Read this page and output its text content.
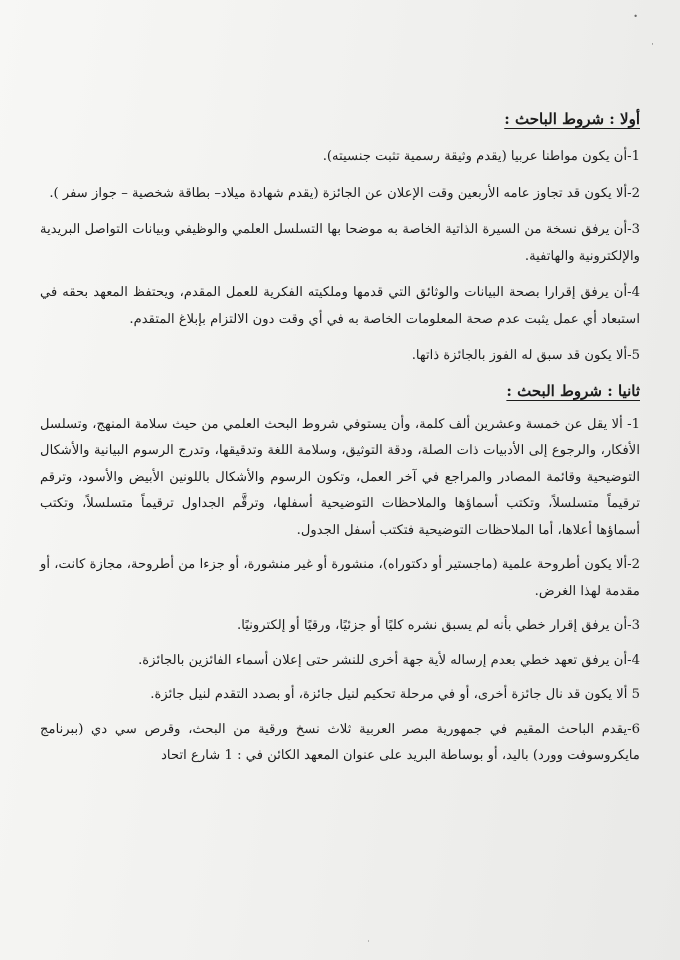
•
·
·
أولا : شروط الباحث :

1-أن يكون مواطنا عربيا (يقدم وثيقة رسمية تثبت جنسيته).

2-ألا يكون قد تجاوز عامه الأربعين وقت الإعلان عن الجائزة (يقدم شهادة ميلاد– بطاقة شخصية – جواز سفر ).

3-أن يرفق نسخة من السيرة الذاتية الخاصة به موضحا بها التسلسل العلمي والوظيفي وبيانات التواصل البريدية والإلكترونية والهاتفية.

4-أن يرفق إقرارا بصحة البيانات والوثائق التي قدمها وملكيته الفكرية للعمل المقدم، ويحتفظ المعهد بحقه في استبعاد أي عمل يثبت عدم صحة المعلومات الخاصة به في أي وقت دون الالتزام بإبلاغ المتقدم.

5-ألا يكون قد سبق له الفوز بالجائزة ذاتها.

ثانيا : شروط البحث :

1- ألا يقل عن خمسة وعشرين ألف كلمة، وأن يستوفي شروط البحث العلمي من حيث سلامة المنهج، وتسلسل الأفكار، والرجوع إلى الأدبيات ذات الصلة، ودقة التوثيق، وسلامة اللغة وتدقيقها، وتدرج الرسوم البيانية والأشكال التوضيحية وقائمة المصادر والمراجع في آخر العمل، وتكون الرسوم والأشكال باللونين الأبيض والأسود، وترقم ترقيماً متسلسلاً، وتكتب أسماؤها والملاحظات التوضيحية أسفلها، وترقَّم الجداول ترقيماً متسلسلاً، وتكتب أسماؤها أعلاها، أما الملاحظات التوضيحية فتكتب أسفل الجدول.

2-ألا يكون أطروحة علمية (ماجستير أو دكتوراه)، منشورة أو غير منشورة، أو جزءا من أطروحة، مجازة كانت، أو مقدمة لهذا الغرض.

3-أن يرفق إقرار خطي بأنه لم يسبق نشره كليًا أو جزئيًا، ورقيًا أو إلكترونيًا.

4-أن يرفق تعهد خطي بعدم إرساله لأية جهة أخرى للنشر حتى إعلان أسماء الفائزين بالجائزة.

5 ألا يكون قد نال جائزة أخرى، أو في مرحلة تحكيم لنيل جائزة، أو بصدد التقدم لنيل جائزة.

6-يقدم الباحث المقيم في جمهورية مصر العربية ثلاث نسخ ورقية من البحث، وقرص سي دي (ببرنامج مايكروسوفت وورد) باليد، أو بوساطة البريد على عنوان المعهد الكائن في : 1 شارع اتحاد
